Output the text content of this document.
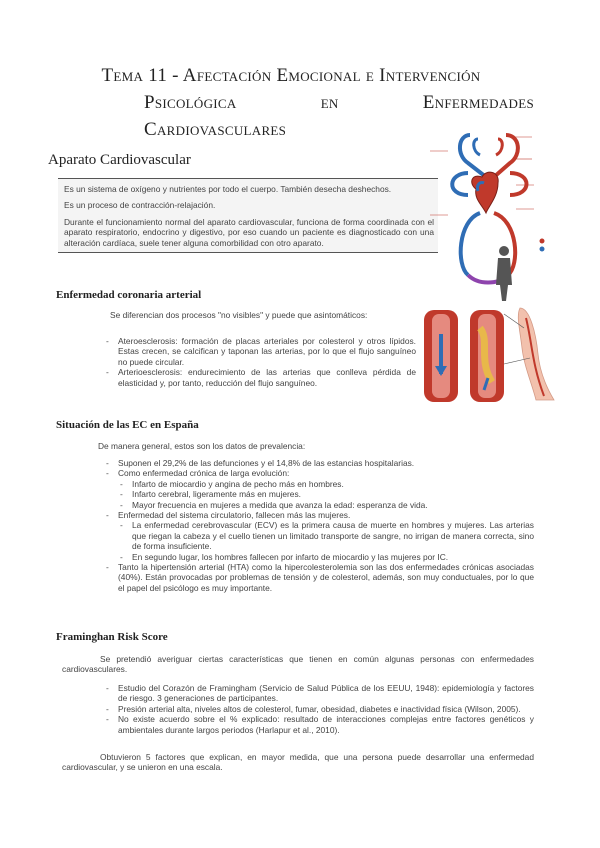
Tema 11 - Afectación Emocional e Intervención
Psicológica	en	Enfermedades
Cardiovasculares
Aparato Cardiovascular

Es un sistema de oxígeno y nutrientes por todo el cuerpo. También desecha deshechos.

Es un proceso de contracción-relajación.

Durante el funcionamiento normal del aparato cardiovascular, funciona de forma coordinada con el aparato respiratorio, endocrino y digestivo, por eso cuando un paciente es diagnosticado con una alteración cardíaca, suele tener alguna comorbilidad con otro aparato.

Enfermedad coronaria arterial
Se diferencian dos procesos "no visibles" y puede que asintomáticos:
- Ateroesclerosis: formación de placas arteriales por colesterol y otros lípidos. Estas crecen, se calcifican y taponan las arterias, por lo que el flujo sanguíneo no puede circular.
- Arterioesclerosis: endurecimiento de las arterias que conlleva pérdida de elasticidad y, por tanto, reducción del flujo sanguíneo.
Situación de las EC en España
De manera general, estos son los datos de prevalencia:
- Suponen el 29,2% de las defunciones y el 14,8% de las estancias hospitalarias.
- Como enfermedad crónica de larga evolución:
- Infarto de miocardio y angina de pecho más en hombres.
- Infarto cerebral, ligeramente más en mujeres.
- Mayor frecuencia en mujeres a medida que avanza la edad: esperanza de vida.
- Enfermedad del sistema circulatorio, fallecen más las mujeres.
- La enfermedad cerebrovascular (ECV) es la primera causa de muerte en hombres y mujeres. Las arterias que riegan la cabeza y el cuello tienen un limitado transporte de sangre, no irrigan de manera correcta, sino de forma insuficiente.
- En segundo lugar, los hombres fallecen por infarto de miocardio y las mujeres por IC.
- Tanto la hipertensión arterial (HTA) como la hipercolesterolemia son las dos enfermedades crónicas asociadas (40%). Están provocadas por problemas de tensión y de colesterol, además, son muy conductuales, por lo que el papel del psicólogo es muy importante.
Framinghan Risk Score
Se pretendió averiguar ciertas características que tienen en común algunas personas con enfermedades cardiovasculares.
- Estudio del Corazón de Framingham (Servicio de Salud Pública de los EEUU, 1948): epidemiología y factores de riesgo. 3 generaciones de participantes.
- Presión arterial alta, niveles altos de colesterol, fumar, obesidad, diabetes e inactividad física (Wilson, 2005).
- No existe acuerdo sobre el % explicado: resultado de interacciones complejas entre factores genéticos y ambientales durante largos periodos (Harlapur et al., 2010).
Obtuvieron 5 factores que explican, en mayor medida, que una persona puede desarrollar una enfermedad cardiovascular, y se unieron en una escala.
